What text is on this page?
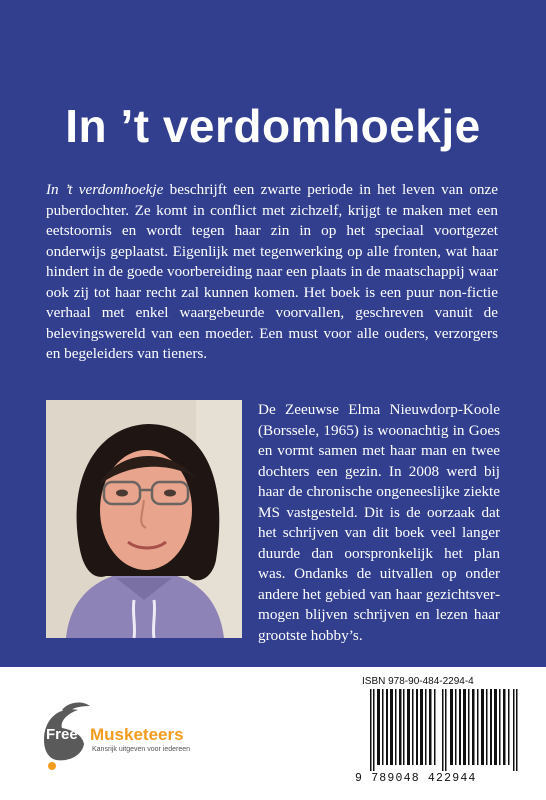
In ’t verdomhoekje

In ’t verdomhoekje beschrijft een zwarte periode in het leven van onze puberdochter. Ze komt in conflict met zichzelf, krijgt te maken met een eetstoornis en wordt tegen haar zin in op het speciaal voortgezet onderwijs geplaatst. Eigenlijk met tegenwerking op alle fronten, wat haar hindert in de goede voorbereiding naar een plaats in de maatschappij waar ook zij tot haar recht zal kunnen komen. Het boek is een puur non-fictie verhaal met enkel waargebeurde voorvallen, geschreven vanuit de belevingswereld van een moeder. Een must voor alle ouders, verzorgers en begeleiders van tieners.

De Zeeuwse Elma Nieuwdorp-Koole (Borssele, 1965) is woonachtig in Goes en vormt samen met haar man en twee dochters een gezin. In 2008 werd bij haar de chronische ongeneeslijke ziekte MS vastgesteld. Dit is de oorzaak dat het schrijven van dit boek veel langer duurde dan oorspronkelijk het plan was. Ondanks de uitvallen op onder andere het gebied van haar gezichtsvermogen blijven schrijven en lezen haar grootste hobby’s.

ISBN 978-90-484-2294-4
9 789048 422944
Free Musketeers
Kansrijk uitgeven voor iedereen
